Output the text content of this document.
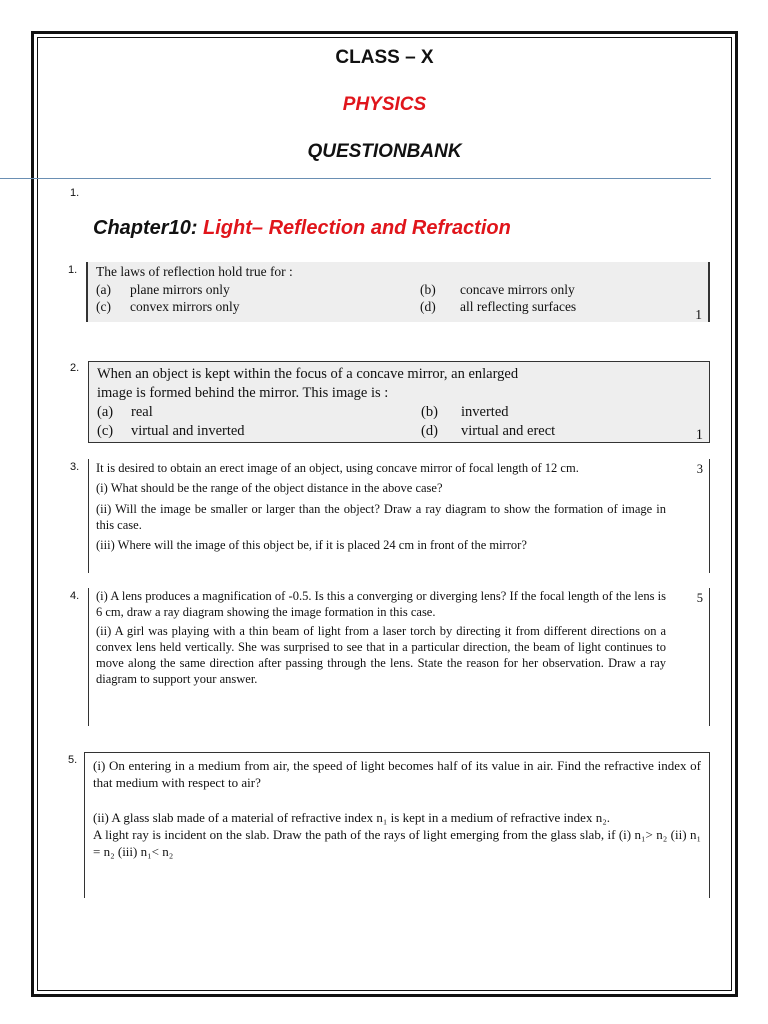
CLASS – X
PHYSICS
QUESTIONBANK
1.
Chapter10: Light– Reflection and Refraction
1. The laws of reflection hold true for :
(a)	plane mirrors only	(b)	concave mirrors only
(c)	convex mirrors only	(d)	all reflecting surfaces
1
2. When an object is kept within the focus of a concave mirror, an enlarged
image is formed behind the mirror. This image is :
(a)	real	(b)	inverted
(c)	virtual and inverted	(d)	virtual and erect	1
3. It is desired to obtain an erect image of an object, using concave mirror of focal length of 12 cm.

(i) What should be the range of the object distance in the above case?

(ii) Will the image be smaller or larger than the object? Draw a ray diagram to show the formation of image in this case.

(iii) Where will the image of this object be, if it is placed 24 cm in front of the mirror?

3
4. (i) A lens produces a magnification of -0.5. Is this a converging or diverging lens? If the focal length of the lens is 6 cm, draw a ray diagram showing the image formation in this case.

(ii) A girl was playing with a thin beam of light from a laser torch by directing it from different directions on a convex lens held vertically. She was surprised to see that in a particular direction, the beam of light continues to move along the same direction after passing through the lens. State the reason for her observation. Draw a ray diagram to support your answer.

5
5. (i) On entering in a medium from air, the speed of light becomes half of its value in air. Find the refractive index of that medium with respect to air?

(ii) A glass slab made of a material of refractive index n₁ is kept in a medium of refractive index n₂.

A light ray is incident on the slab. Draw the path of the rays of light emerging from the glass slab, if (i) n₁> n₂ (ii) n₁ = n₂ (iii) n₁< n₂
